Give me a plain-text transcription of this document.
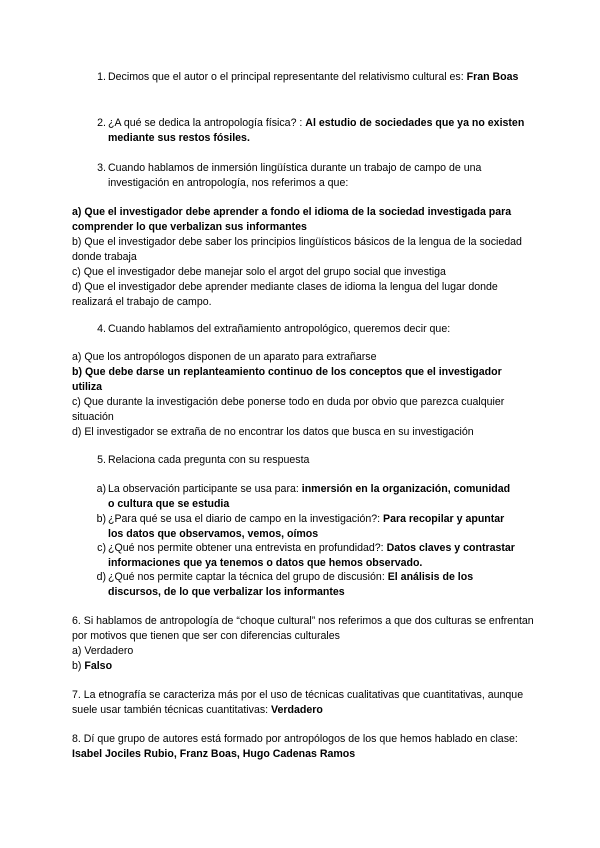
1. Decimos que el autor o el principal representante del relativismo cultural es: Fran Boas
2. ¿A qué se dedica la antropología física? : Al estudio de sociedades que ya no existen mediante sus restos fósiles.
3. Cuando hablamos de inmersión lingüística durante un trabajo de campo de una investigación en antropología, nos referimos a que:

a) Que el investigador debe aprender a fondo el idioma de la sociedad investigada para comprender lo que verbalizan sus informantes

b) Que el investigador debe saber los principios lingüísticos básicos de la lengua de la sociedad donde trabaja

c) Que el investigador debe manejar solo el argot del grupo social que investiga

d) Que el investigador debe aprender mediante clases de idioma la lengua del lugar donde realizará el trabajo de campo.

4. Cuando hablamos del extrañamiento antropológico, queremos decir que:

a) Que los antropólogos disponen de un aparato para extrañarse

b) Que debe darse un replanteamiento continuo de los conceptos que el investigador utiliza

c) Que durante la investigación debe ponerse todo en duda por obvio que parezca cualquier situación

d) El investigador se extraña de no encontrar los datos que busca en su investigación

5. Relaciona cada pregunta con su respuesta
a) La observación participante se usa para: inmersión en la organización, comunidad o cultura que se estudia
b) ¿Para qué se usa el diario de campo en la investigación?: Para recopilar y apuntar los datos que observamos, vemos, oímos
c) ¿Qué nos permite obtener una entrevista en profundidad?: Datos claves y contrastar informaciones que ya tenemos o datos que hemos observado.
d) ¿Qué nos permite captar la técnica del grupo de discusión: El análisis de los discursos, de lo que verbalizar los informantes

6. Si hablamos de antropología de “choque cultural” nos referimos a que dos culturas se enfrentan por motivos que tienen que ser con diferencias culturales

a) Verdadero

b) Falso

7. La etnografía se caracteriza más por el uso de técnicas cualitativas que cuantitativas, aunque suele usar también técnicas cuantitativas: Verdadero

8. Dí que grupo de autores está formado por antropólogos de los que hemos hablado en clase: Isabel Jociles Rubio, Franz Boas, Hugo Cadenas Ramos
